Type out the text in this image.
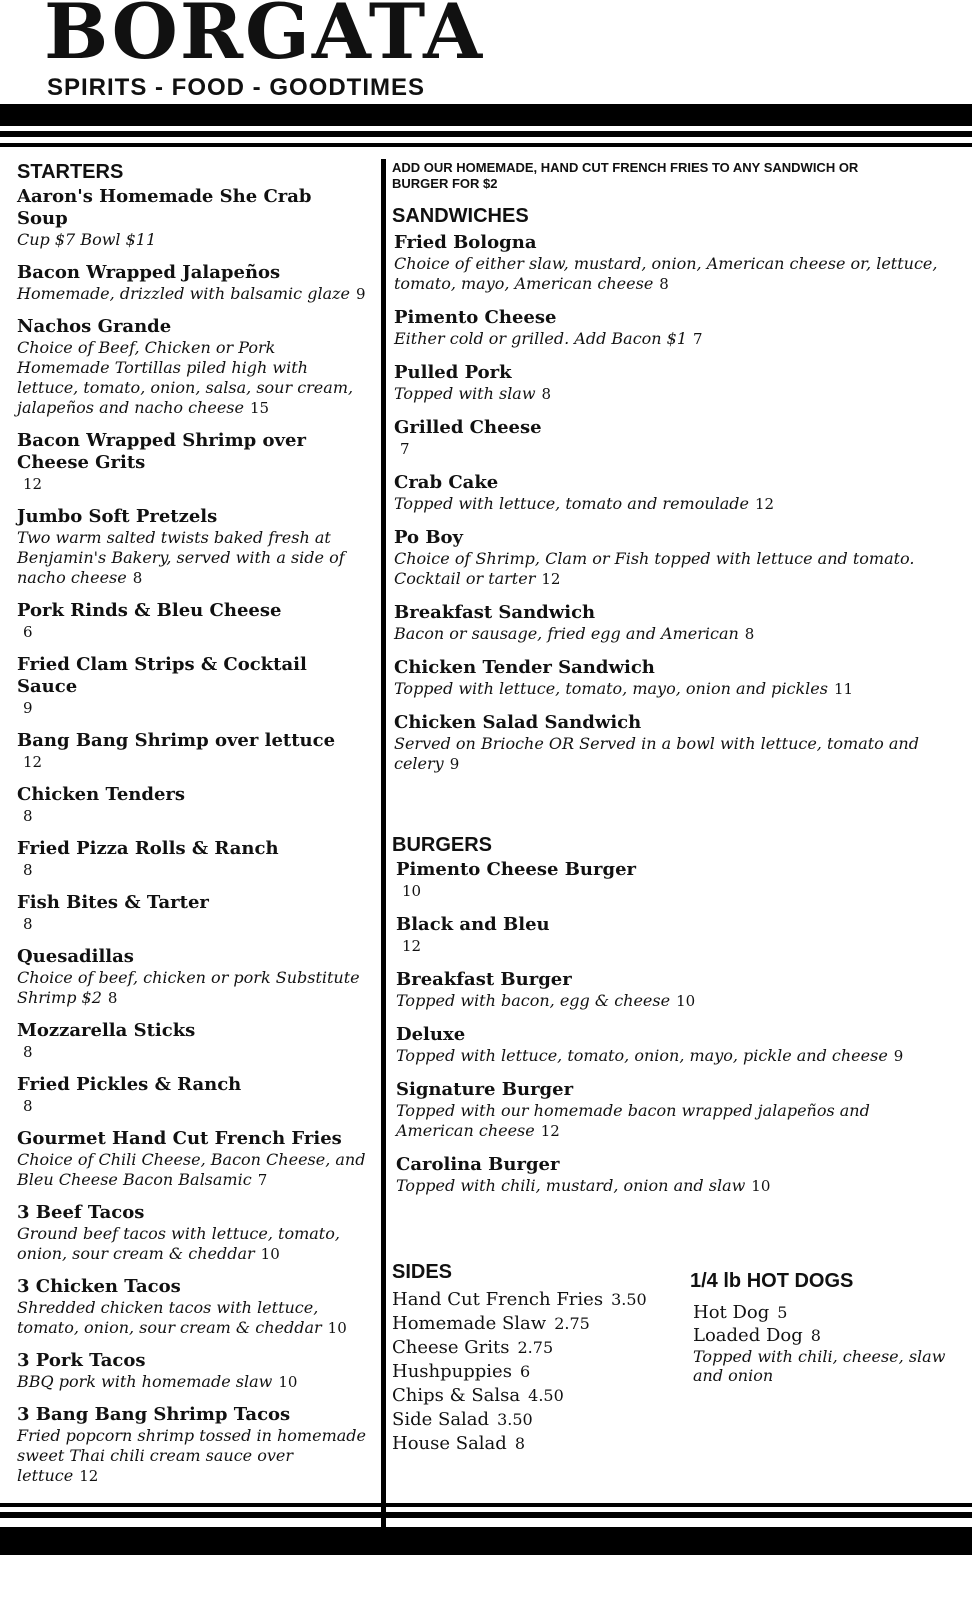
BORGATA
SPIRITS - FOOD - GOODTIMES
STARTERS
Aaron's Homemade She Crab Soup
Cup $7 Bowl $11
Bacon Wrapped Jalapeños
Homemade, drizzled with balsamic glaze 9
Nachos Grande
Choice of Beef, Chicken or Pork Homemade Tortillas piled high with lettuce, tomato, onion, salsa, sour cream, jalapeños and nacho cheese 15
Bacon Wrapped Shrimp over Cheese Grits
12
Jumbo Soft Pretzels
Two warm salted twists baked fresh at Benjamin's Bakery, served with a side of nacho cheese 8
Pork Rinds & Bleu Cheese
6
Fried Clam Strips & Cocktail Sauce
9
Bang Bang Shrimp over lettuce
12
Chicken Tenders
8
Fried Pizza Rolls & Ranch
8
Fish Bites & Tarter
8
Quesadillas
Choice of beef, chicken or pork Substitute Shrimp $2 8
Mozzarella Sticks
8
Fried Pickles & Ranch
8
Gourmet Hand Cut French Fries
Choice of Chili Cheese, Bacon Cheese, and Bleu Cheese Bacon Balsamic 7
3 Beef Tacos
Ground beef tacos with lettuce, tomato, onion, sour cream & cheddar 10
3 Chicken Tacos
Shredded chicken tacos with lettuce, tomato, onion, sour cream & cheddar 10
3 Pork Tacos
BBQ pork with homemade slaw 10
3 Bang Bang Shrimp Tacos
Fried popcorn shrimp tossed in homemade sweet Thai chili cream sauce over lettuce 12
ADD OUR HOMEMADE, HAND CUT FRENCH FRIES TO ANY SANDWICH OR BURGER FOR $2
SANDWICHES
Fried Bologna
Choice of either slaw, mustard, onion, American cheese or, lettuce, tomato, mayo, American cheese 8
Pimento Cheese
Either cold or grilled. Add Bacon $1 7
Pulled Pork
Topped with slaw 8
Grilled Cheese
7
Crab Cake
Topped with lettuce, tomato and remoulade 12
Po Boy
Choice of Shrimp, Clam or Fish topped with lettuce and tomato. Cocktail or tarter 12
Breakfast Sandwich
Bacon or sausage, fried egg and American 8
Chicken Tender Sandwich
Topped with lettuce, tomato, mayo, onion and pickles 11
Chicken Salad Sandwich
Served on Brioche OR Served in a bowl with lettuce, tomato and celery 9
BURGERS
Pimento Cheese Burger
10
Black and Bleu
12
Breakfast Burger
Topped with bacon, egg & cheese 10
Deluxe
Topped with lettuce, tomato, onion, mayo, pickle and cheese 9
Signature Burger
Topped with our homemade bacon wrapped jalapeños and American cheese 12
Carolina Burger
Topped with chili, mustard, onion and slaw 10
SIDES
Hand Cut French Fries 3.50
Homemade Slaw 2.75
Cheese Grits 2.75
Hushpuppies 6
Chips & Salsa 4.50
Side Salad 3.50
House Salad 8
1/4 lb HOT DOGS
Hot Dog 5
Loaded Dog 8
Topped with chili, cheese, slaw and onion
